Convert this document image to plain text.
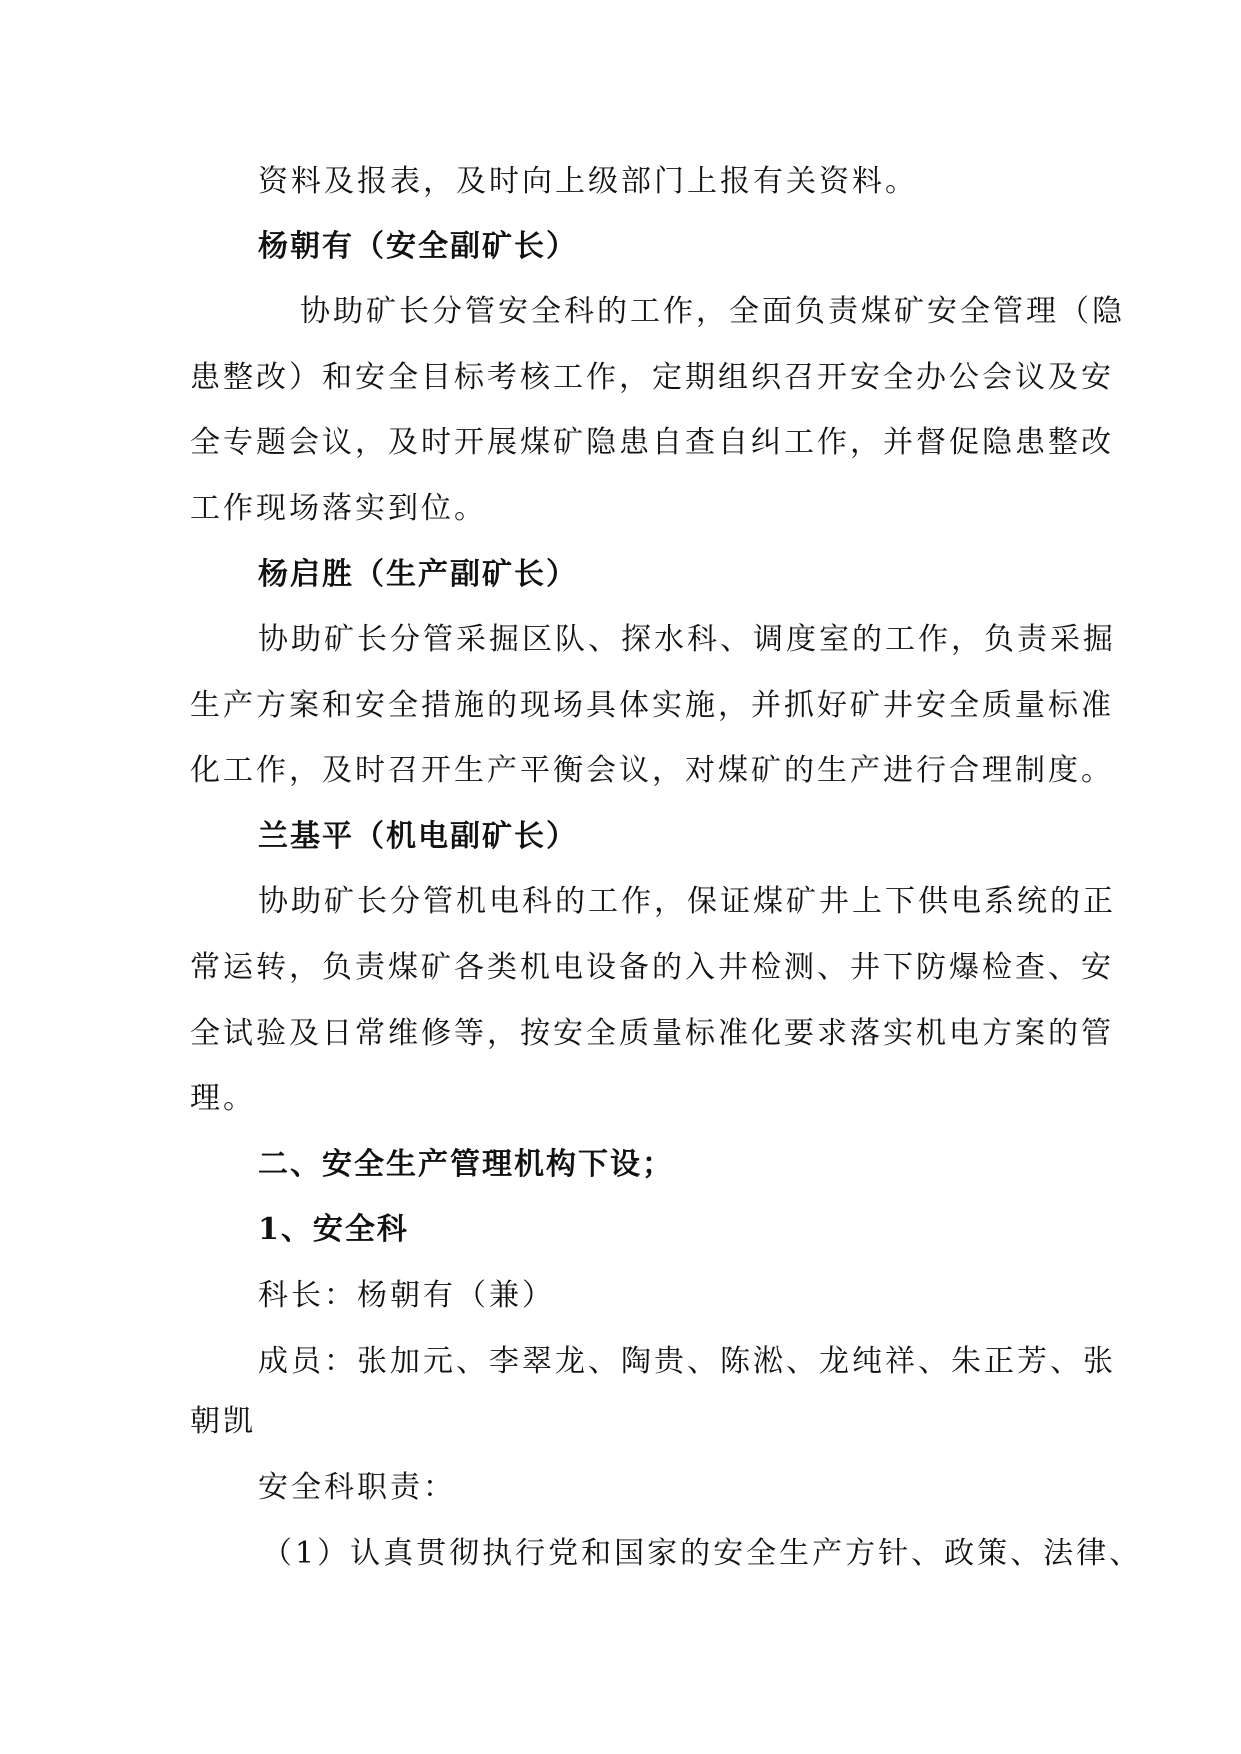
资料及报表，及时向上级部门上报有关资料。
杨朝有（安全副矿长）
协助矿长分管安全科的工作，全面负责煤矿安全管理（隐
患整改）和安全目标考核工作，定期组织召开安全办公会议及安
全专题会议，及时开展煤矿隐患自查自纠工作，并督促隐患整改
工作现场落实到位。
杨启胜（生产副矿长）
协助矿长分管采掘区队、探水科、调度室的工作，负责采掘
生产方案和安全措施的现场具体实施，并抓好矿井安全质量标准
化工作，及时召开生产平衡会议，对煤矿的生产进行合理制度。
兰基平（机电副矿长）
协助矿长分管机电科的工作，保证煤矿井上下供电系统的正
常运转，负责煤矿各类机电设备的入井检测、井下防爆检查、安
全试验及日常维修等，按安全质量标准化要求落实机电方案的管
理。
二、安全生产管理机构下设；
1、安全科
科长：杨朝有（兼）
成员：张加元、李翠龙、陶贵、陈淞、龙纯祥、朱正芳、张
朝凯
安全科职责：
（1）认真贯彻执行党和国家的安全生产方针、政策、法律、
